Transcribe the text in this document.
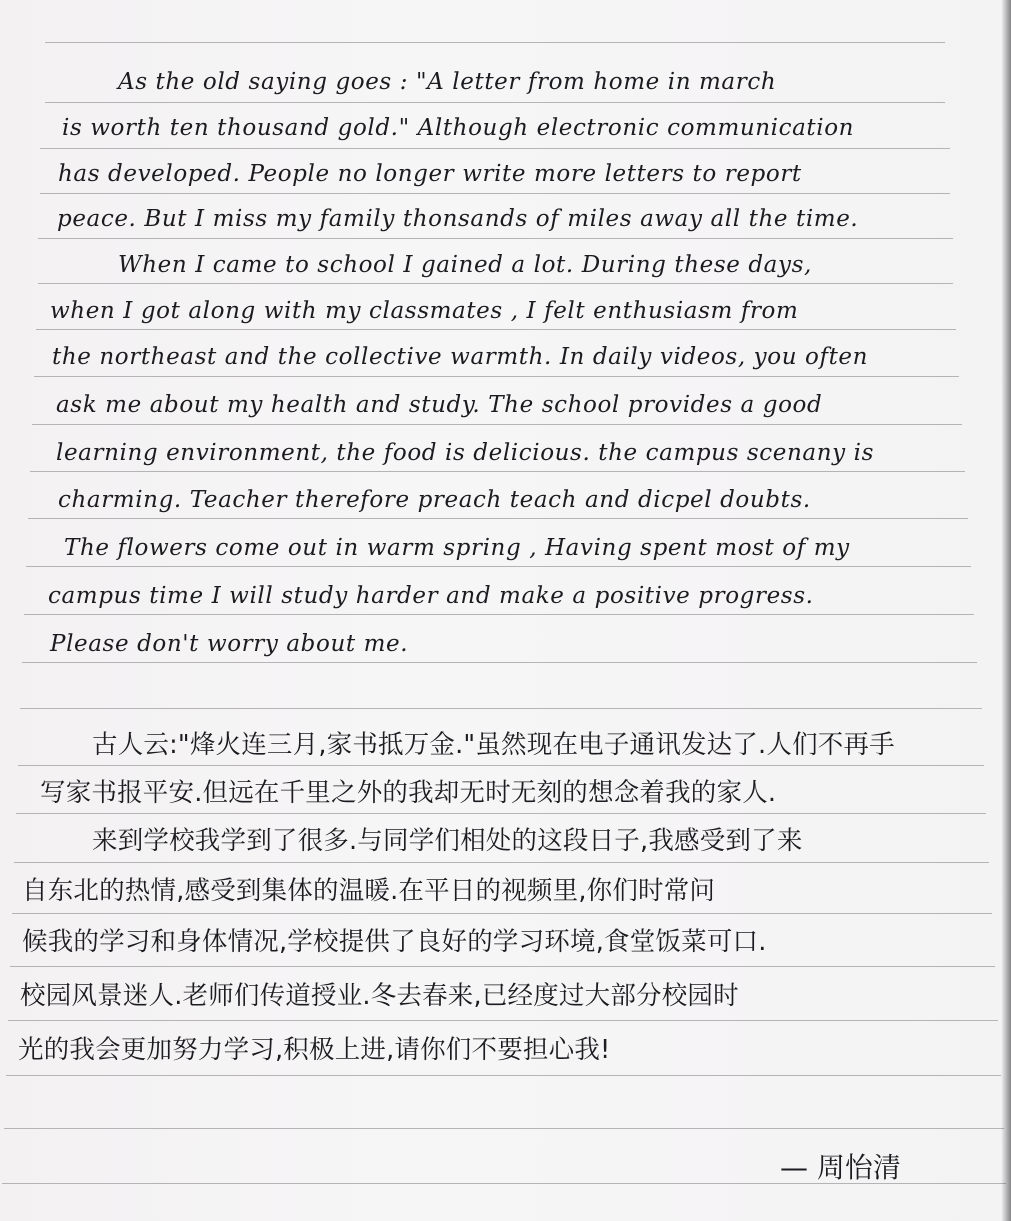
As the old saying goes : "A letter from home in march
is worth ten thousand gold." Although electronic communication
has developed. People no longer write more letters to report
peace. But I miss my family thonsands of miles away all the time.
When I came to school I gained a lot. During these days,
when I got along with my classmates , I felt enthusiasm from
the northeast and the collective warmth. In daily videos, you often
ask me about my health and study. The school provides a good
learning environment, the food is delicious. the campus scenany is
charming. Teacher therefore preach teach and dicpel doubts.
The flowers come out in warm spring , Having spent most of my
campus time I will study harder and make a positive progress.
Please don't worry about me.
古人云:"烽火连三月,家书抵万金."虽然现在电子通讯发达了.人们不再手
写家书报平安.但远在千里之外的我却无时无刻的想念着我的家人.
来到学校我学到了很多.与同学们相处的这段日子,我感受到了来
自东北的热情,感受到集体的温暖.在平日的视频里,你们时常问
候我的学习和身体情况,学校提供了良好的学习环境,食堂饭菜可口.
校园风景迷人.老师们传道授业.冬去春来,已经度过大部分校园时
光的我会更加努力学习,积极上进,请你们不要担心我!
— 周怡清
